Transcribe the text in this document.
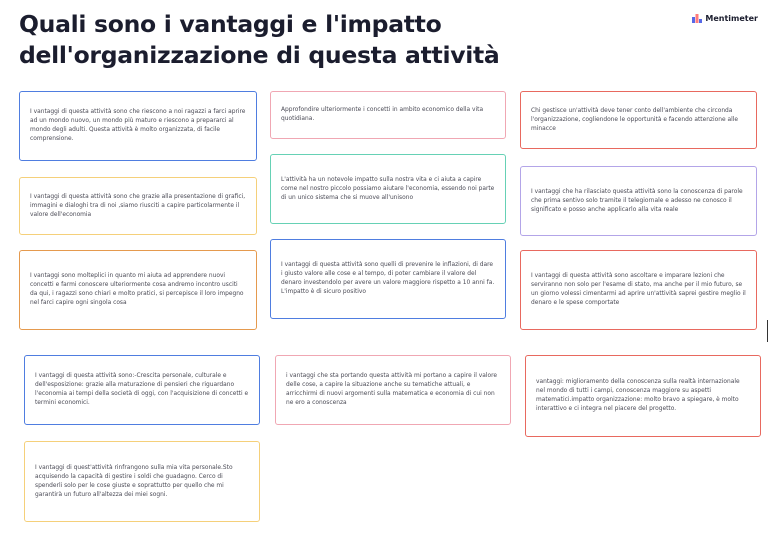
Quali sono i vantaggi e l'impatto dell'organizzazione di questa attività
Mentimeter

I vantaggi di questa attività sono che riescono a noi ragazzi a farci aprire ad un mondo nuovo, un mondo più maturo e riescono a prepararci al mondo degli adulti. Questa attività è molto organizzata, di facile comprensione.

I vantaggi di questa attività sono che grazie alla presentazione di grafici, immagini e dialoghi tra di noi ,siamo riusciti a capire particolarmente il valore dell'economia

I vantaggi sono molteplici in quanto mi aiuta ad apprendere nuovi concetti e farmi conoscere ulteriormente cosa andremo incontro usciti da qui, i ragazzi sono chiari e molto pratici, si percepisce il loro impegno nel farci capire ogni singola cosa

Approfondire ulteriormente i concetti in ambito economico della vita quotidiana.

L'attività ha un notevole impatto sulla nostra vita e ci aiuta a capire come nel nostro piccolo possiamo aiutare l'economia, essendo noi parte di un unico sistema che si muove all'unisono

I vantaggi di questa attività sono quelli di prevenire le inflazioni, di dare i giusto valore alle cose e al tempo, di poter cambiare il valore del denaro investendolo per avere un valore maggiore rispetto a 10 anni fa. L'impatto è di sicuro positivo

Chi gestisce un'attività deve tener conto dell'ambiente che circonda l'organizzazione, cogliendone le opportunità e facendo attenzione alle minacce

I vantaggi che ha rilasciato questa attività sono la conoscenza di parole che prima sentivo solo tramite il telegiornale e adesso ne conosco il significato e posso anche applicarlo alla vita reale

I vantaggi di questa attività sono ascoltare e imparare lezioni che serviranno non solo per l'esame di stato, ma anche per il mio futuro, se un giorno volessi cimentarmi ad aprire un'attività saprei gestire meglio il denaro e le spese comportate

I vantaggi di questa attività sono:-Crescita personale, culturale e dell'esposizione: grazie alla maturazione di pensieri che riguardano l'economia ai tempi della società di oggi, con l'acquisizione di concetti e termini economici.

i vantaggi che sta portando questa attività mi portano a capire il valore delle cose, a capire la situazione anche su tematiche attuali, e arricchirmi di nuovi argomenti sulla matematica e economia di cui non ne ero a conoscenza

vantaggi: miglioramento della conoscenza sulla realtà internazionale nel mondo di tutti i campi, conoscenza maggiore su aspetti matematici.impatto organizzazione: molto bravo a spiegare, è molto interattivo e ci integra nel piacere del progetto.

I vantaggi di quest'attività rinfrangono sulla mia vita personale.Sto acquisendo la capacità di gestire i soldi che guadagno. Cerco di spenderli solo per le cose giuste e soprattutto per quello che mi garantirà un futuro all'altezza dei miei sogni.
